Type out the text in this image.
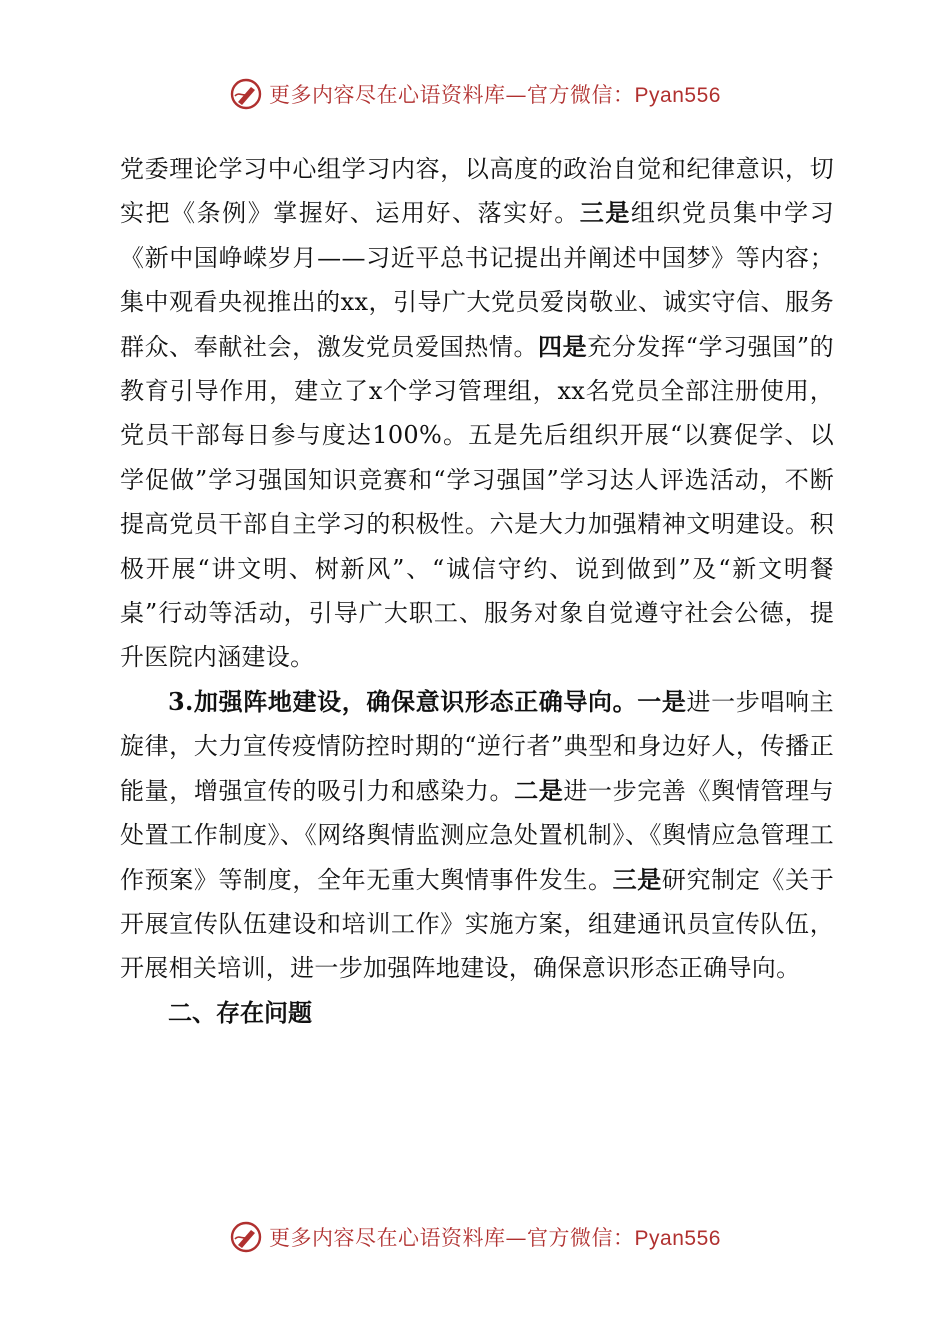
更多内容尽在心语资料库—官方微信：Pyan556

党委理论学习中心组学习内容，以高度的政治自觉和纪律意识，切实把《条例》掌握好、运用好、落实好。三是组织党员集中学习《新中国峥嵘岁月——习近平总书记提出并阐述中国梦》等内容；集中观看央视推出的xx，引导广大党员爱岗敬业、诚实守信、服务群众、奉献社会，激发党员爱国热情。四是充分发挥“学习强国”的教育引导作用，建立了x个学习管理组，xx名党员全部注册使用，党员干部每日参与度达100%。五是先后组织开展“以赛促学、以学促做”学习强国知识竞赛和“学习强国”学习达人评选活动，不断提高党员干部自主学习的积极性。六是大力加强精神文明建设。积极开展“讲文明、树新风”、“诚信守约、说到做到”及“新文明餐桌”行动等活动，引导广大职工、服务对象自觉遵守社会公德，提升医院内涵建设。

3.加强阵地建设，确保意识形态正确导向。一是进一步唱响主旋律，大力宣传疫情防控时期的“逆行者”典型和身边好人，传播正能量，增强宣传的吸引力和感染力。二是进一步完善《舆情管理与处置工作制度》、《网络舆情监测应急处置机制》、《舆情应急管理工作预案》等制度，全年无重大舆情事件发生。三是研究制定《关于开展宣传队伍建设和培训工作》实施方案，组建通讯员宣传队伍，开展相关培训，进一步加强阵地建设，确保意识形态正确导向。

二、存在问题

更多内容尽在心语资料库—官方微信：Pyan556
